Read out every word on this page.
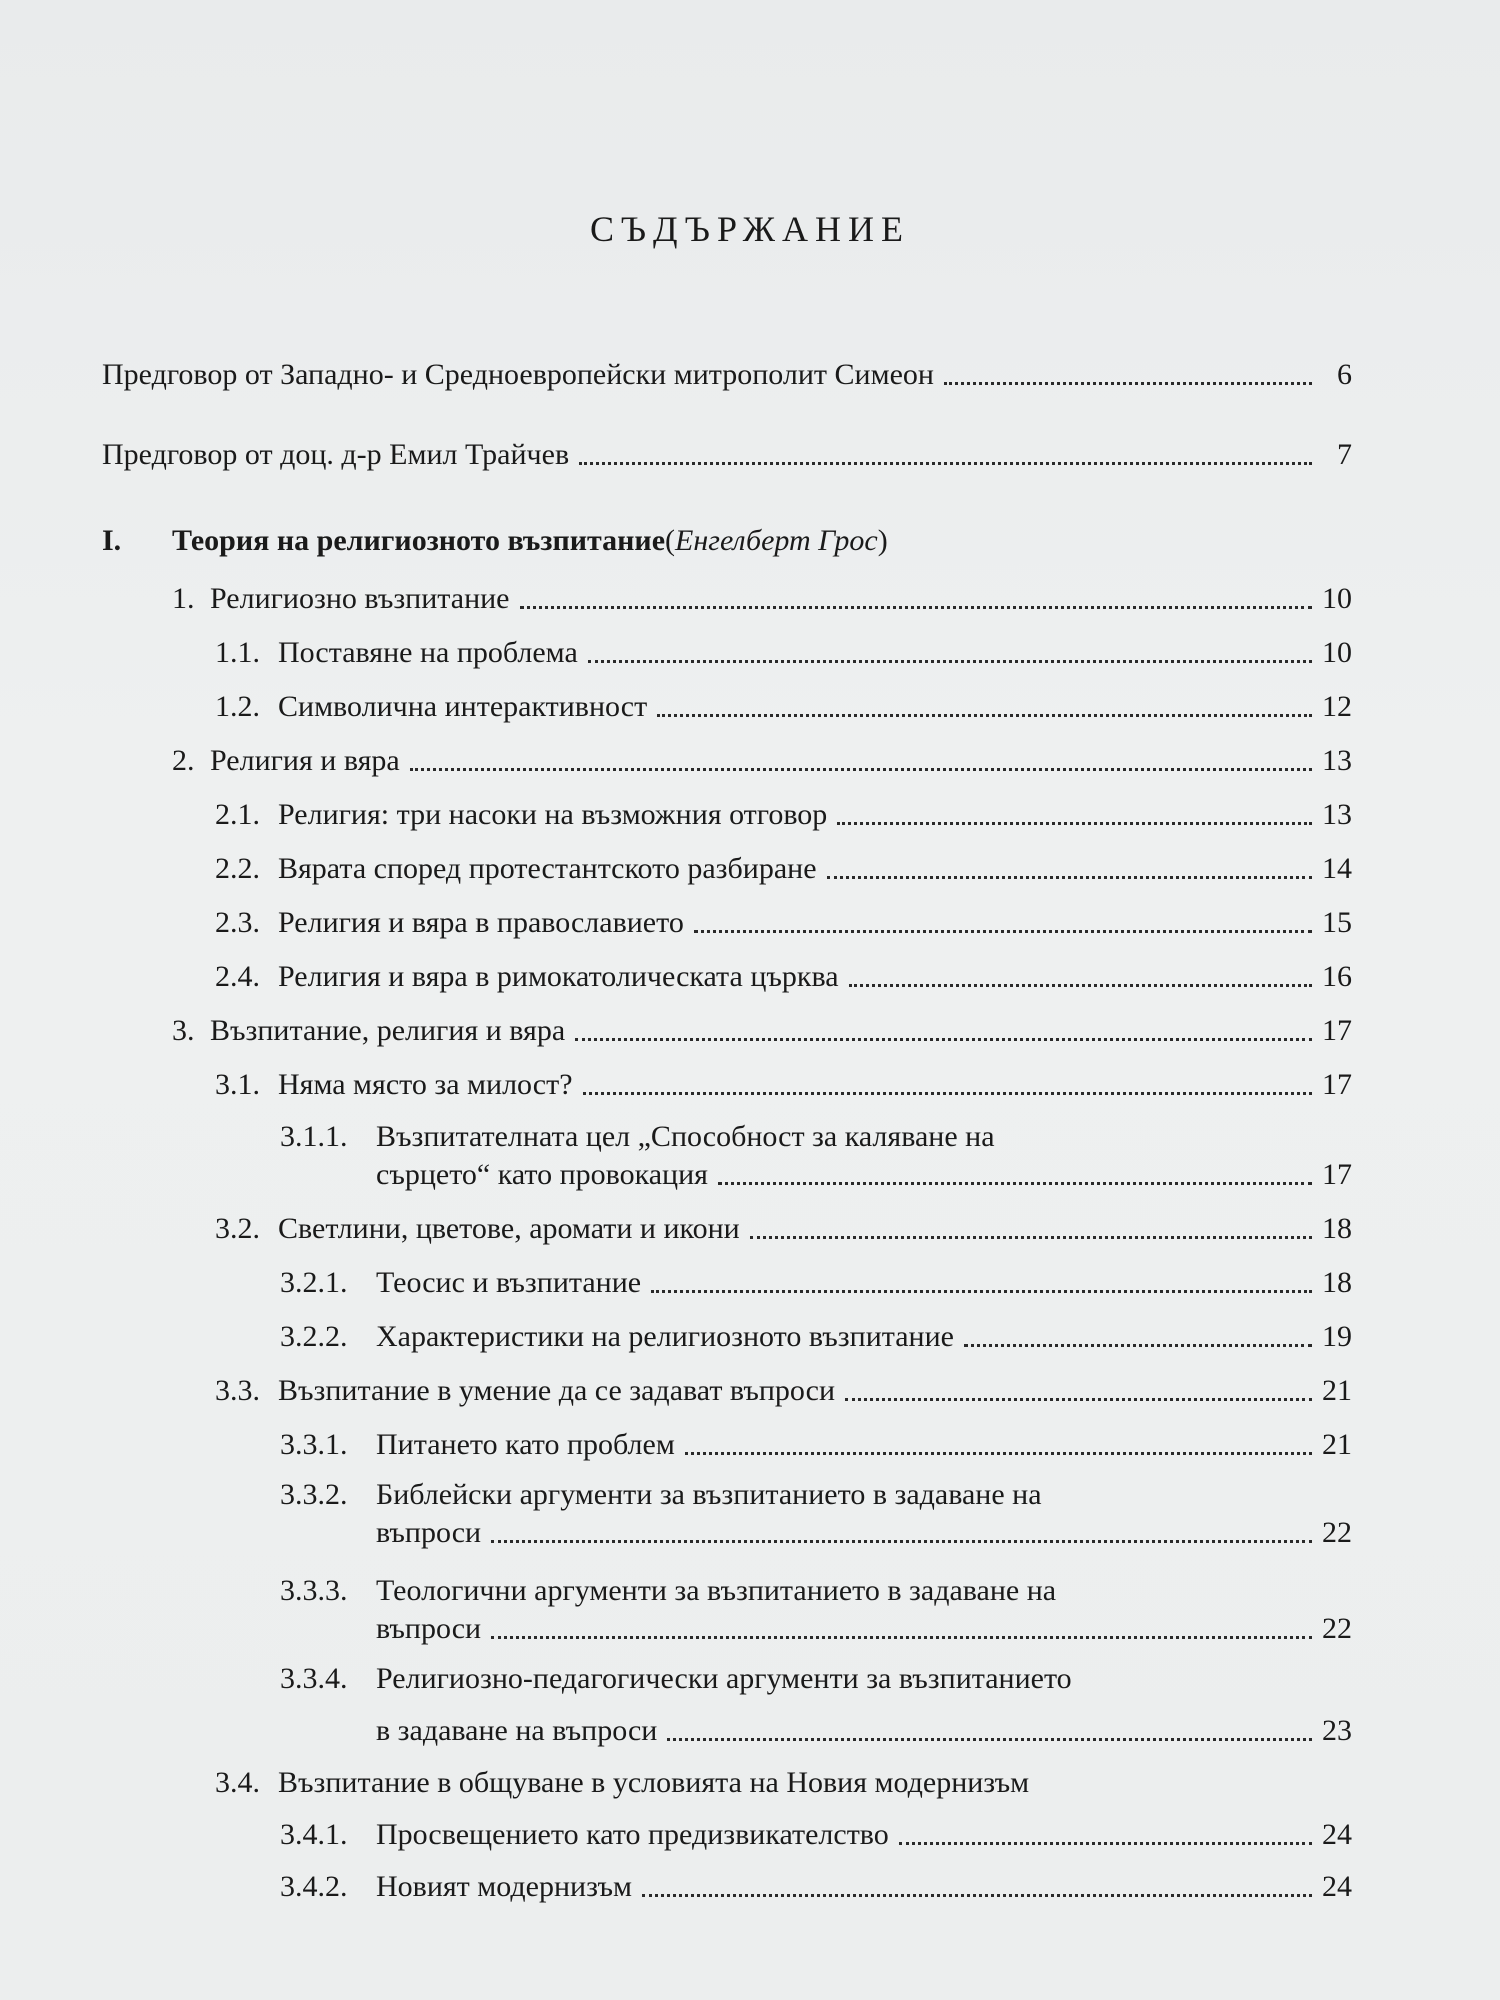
СЪДЪРЖАНИЕ
Предговор от Западно- и Средноевропейски митрополит Симеон	6
Предговор от доц. д-р Емил Трайчев	7
I.	Теория на религиозното възпитание ( Енгелберт Грос )
1. Религиозно възпитание	10
1.1. Поставяне на проблема	10
1.2. Символична интерактивност	12
2. Религия и вяра	13
2.1. Религия: три насоки на възможния отговор	13
2.2. Вярата според протестантското разбиране	14
2.3. Религия и вяра в православието	15
2.4. Религия и вяра в римокатолическата църква	16
3. Възпитание, религия и вяра	17
3.1. Няма място за милост?	17
3.1.1. Възпитателната цел „Способност за каляване на
сърцето“ като провокация	17
3.2. Светлини, цветове, аромати и икони	18
3.2.1. Теосис и възпитание	18
3.2.2. Характеристики на религиозното възпитание	19
3.3. Възпитание в умение да се задават въпроси	21
3.3.1. Питането като проблем	21
3.3.2. Библейски аргументи за възпитанието в задаване на
въпроси	22
3.3.3. Теологични аргументи за възпитанието в задаване на
въпроси	22
3.3.4. Религиозно-педагогически аргументи за възпитанието
в задаване на въпроси	23
3.4. Възпитание в общуване в условията на Новия модернизъм
3.4.1. Просвещението като предизвикателство	24
3.4.2. Новият модернизъм	24
